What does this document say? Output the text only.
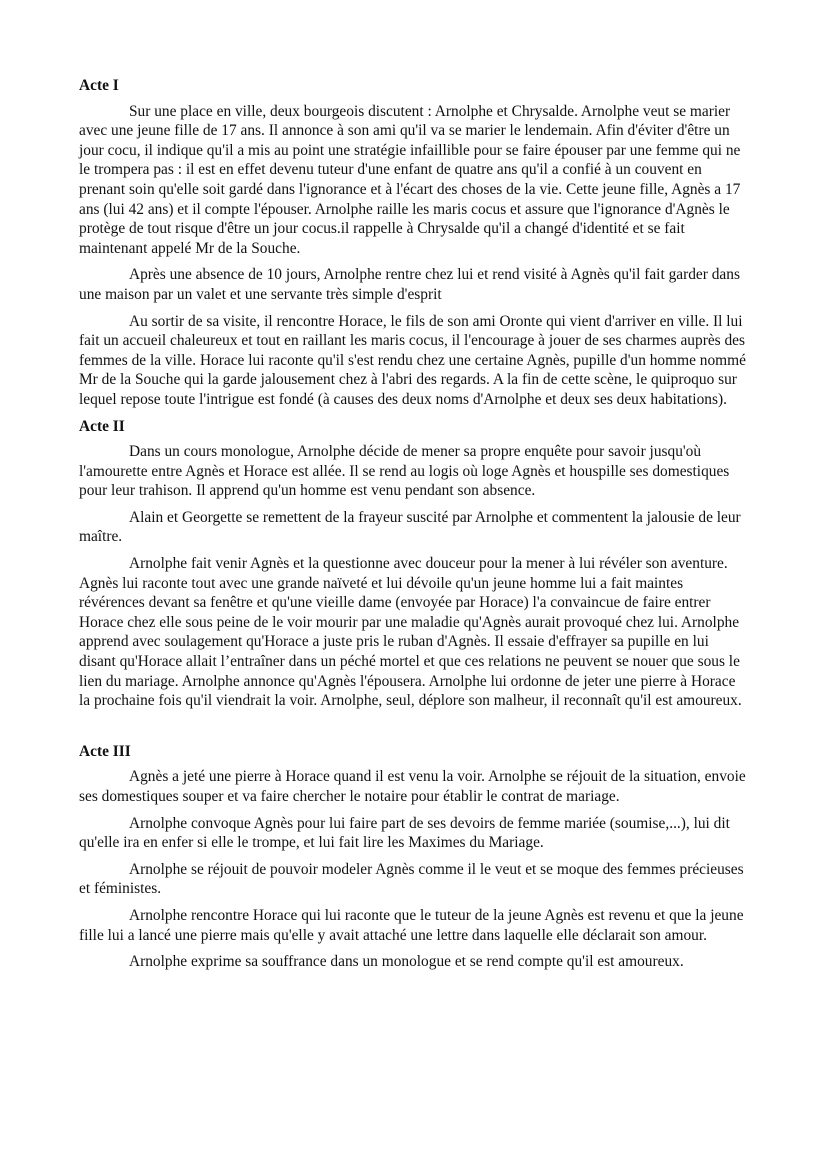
Acte I

Sur une place en ville, deux bourgeois discutent : Arnolphe et Chrysalde. Arnolphe veut se marier avec une jeune fille de 17 ans. Il annonce à son ami qu'il va se marier le lendemain. Afin d'éviter d'être un jour cocu, il indique qu'il a mis au point une stratégie infaillible pour se faire épouser par une femme qui ne le trompera pas : il est en effet devenu tuteur d'une enfant de quatre ans qu'il a confié à un couvent en prenant soin qu'elle soit gardé dans l'ignorance et à l'écart des choses de la vie. Cette jeune fille, Agnès a 17 ans (lui 42 ans) et il compte l'épouser. Arnolphe raille les maris cocus et assure que l'ignorance d'Agnès le protège de tout risque d'être un jour cocus.il rappelle à Chrysalde qu'il a changé d'identité et se fait maintenant appelé Mr de la Souche.

Après une absence de 10 jours, Arnolphe rentre chez lui et rend visité à Agnès qu'il fait garder dans une maison par un valet et une servante très simple d'esprit

Au sortir de sa visite, il rencontre Horace, le fils de son ami Oronte qui vient d'arriver en ville. Il lui fait un accueil chaleureux et tout en raillant les maris cocus, il l'encourage à jouer de ses charmes auprès des femmes de la ville. Horace lui raconte qu'il s'est rendu chez une certaine Agnès, pupille d'un homme nommé Mr de la Souche qui la garde jalousement chez à l'abri des regards. A la fin de cette scène, le quiproquo sur lequel repose toute l'intrigue est fondé (à causes des deux noms d'Arnolphe et deux ses deux habitations).

Acte II

Dans un cours monologue, Arnolphe décide de mener sa propre enquête pour savoir jusqu'où l'amourette entre Agnès et Horace est allée. Il se rend au logis où loge Agnès et houspille ses domestiques pour leur trahison. Il apprend qu'un homme est venu pendant son absence.

Alain et Georgette se remettent de la frayeur suscité par Arnolphe et commentent la jalousie de leur maître.

Arnolphe fait venir Agnès et la questionne avec douceur pour la mener à lui révéler son aventure. Agnès lui raconte tout avec une grande naïveté et lui dévoile qu'un jeune homme lui a fait maintes révérences devant sa fenêtre et qu'une vieille dame (envoyée par Horace) l'a convaincue de faire entrer Horace chez elle sous peine de le voir mourir par une maladie qu'Agnès aurait provoqué chez lui. Arnolphe apprend avec soulagement qu'Horace a juste pris le ruban d'Agnès. Il essaie d'effrayer sa pupille en lui disant qu'Horace allait l’entraîner dans un péché mortel et que ces relations ne peuvent se nouer que sous le lien du mariage. Arnolphe annonce qu'Agnès l'épousera. Arnolphe lui ordonne de jeter une pierre à Horace la prochaine fois qu'il viendrait la voir. Arnolphe, seul, déplore son malheur, il reconnaît qu'il est amoureux.

Acte III

Agnès a jeté une pierre à Horace quand il est venu la voir. Arnolphe se réjouit de la situation, envoie ses domestiques souper et va faire chercher le notaire pour établir le contrat de mariage.

Arnolphe convoque Agnès pour lui faire part de ses devoirs de femme mariée (soumise,...), lui dit qu'elle ira en enfer si elle le trompe, et lui fait lire les Maximes du Mariage.

Arnolphe se réjouit de pouvoir modeler Agnès comme il le veut et se moque des femmes précieuses et féministes.

Arnolphe rencontre Horace qui lui raconte que le tuteur de la jeune Agnès est revenu et que la jeune fille lui a lancé une pierre mais qu'elle y avait attaché une lettre dans laquelle elle déclarait son amour.

Arnolphe exprime sa souffrance dans un monologue et se rend compte qu'il est amoureux.
